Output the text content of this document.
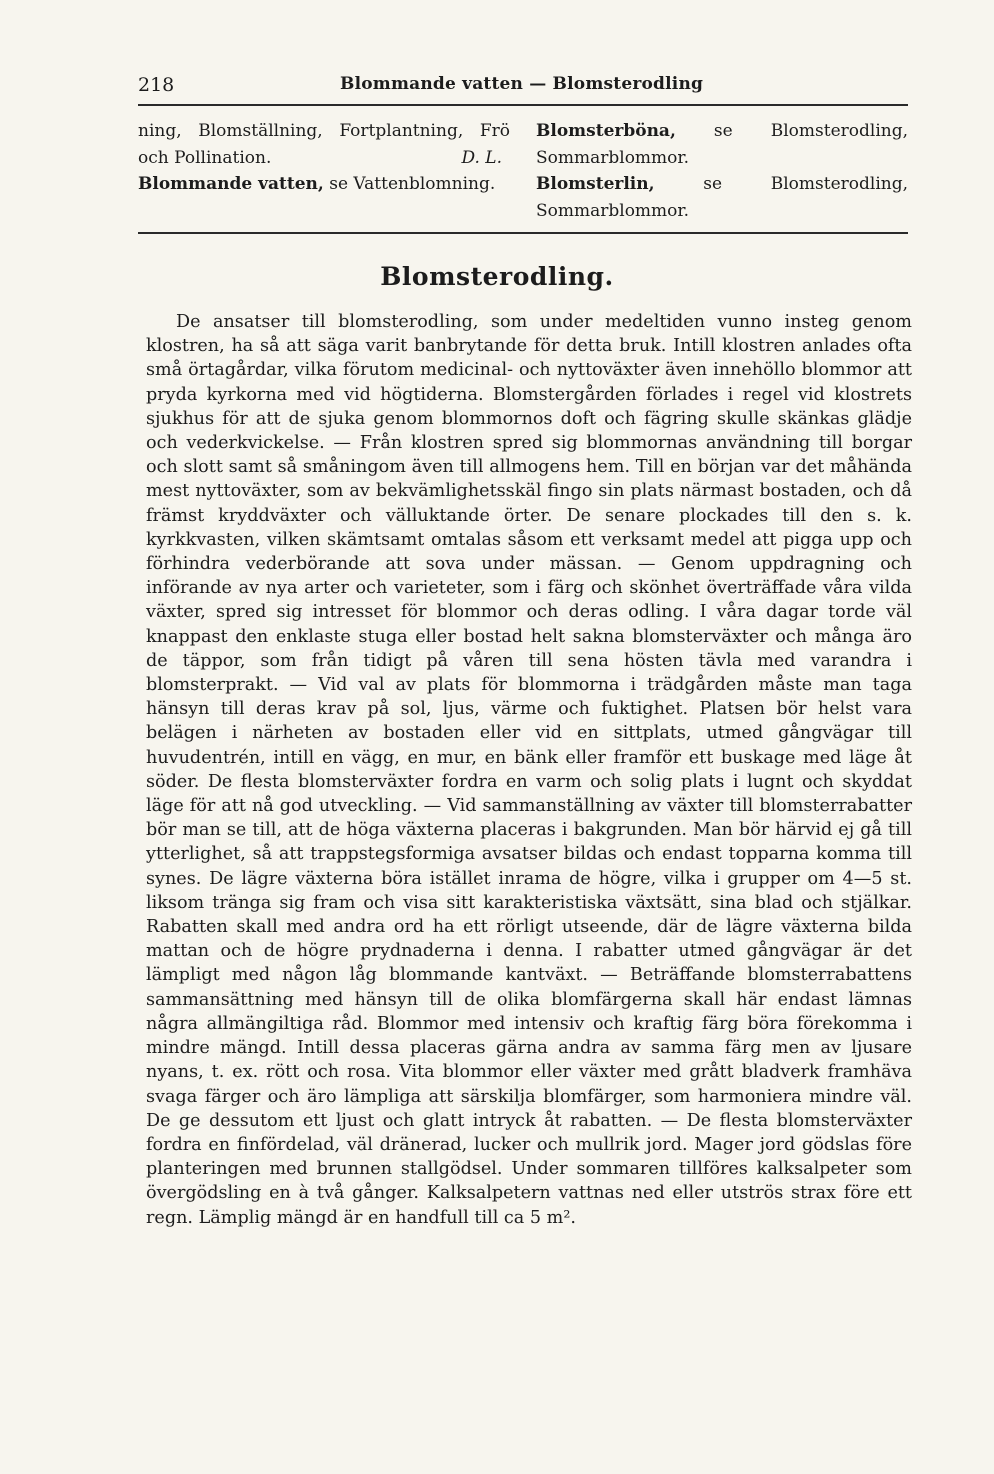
218	Blommande vatten — Blomsterodling
ning, Blomställning, Fortplantning, Frö och Pollination.	D. L.
Blommande vatten, se Vattenblomning.
Blomsterböna, se Blomsterodling, Sommarblommor.
Blomsterlin, se Blomsterodling, Sommarblommor.
Blomsterodling.

De ansatser till blomsterodling, som under medeltiden vunno insteg genom klostren, ha så att säga varit banbrytande för detta bruk. Intill klostren anlades ofta små örtagårdar, vilka förutom medicinal- och nyttoväxter även innehöllo blommor att pryda kyrkorna med vid högtiderna. Blomstergården förlades i regel vid klostrets sjukhus för att de sjuka genom blommornos doft och fägring skulle skänkas glädje och vederkvickelse. — Från klostren spred sig blommornas användning till borgar och slott samt så småningom även till allmogens hem. Till en början var det måhända mest nyttoväxter, som av bekvämlighetsskäl fingo sin plats närmast bostaden, och då främst kryddväxter och välluktande örter. De senare plockades till den s. k. kyrkkvasten, vilken skämtsamt omtalas såsom ett verksamt medel att pigga upp och förhindra vederbörande att sova under mässan. — Genom uppdragning och införande av nya arter och varieteter, som i färg och skönhet överträffade våra vilda växter, spred sig intresset för blommor och deras odling. I våra dagar torde väl knappast den enklaste stuga eller bostad helt sakna blomsterväxter och många äro de täppor, som från tidigt på våren till sena hösten tävla med varandra i blomsterprakt. — Vid val av plats för blommorna i trädgården måste man taga hänsyn till deras krav på sol, ljus, värme och fuktighet. Platsen bör helst vara belägen i närheten av bostaden eller vid en sittplats, utmed gångvägar till huvudentrén, intill en vägg, en mur, en bänk eller framför ett buskage med läge åt söder. De flesta blomsterväxter fordra en varm och solig plats i lugnt och skyddat läge för att nå god utveckling. — Vid sammanställning av växter till blomsterrabatter bör man se till, att de höga växterna placeras i bakgrunden. Man bör härvid ej gå till ytterlighet, så att trappstegsformiga avsatser bildas och endast topparna komma till synes. De lägre växterna böra istället inrama de högre, vilka i grupper om 4—5 st. liksom tränga sig fram och visa sitt karakteristiska växtsätt, sina blad och stjälkar. Rabatten skall med andra ord ha ett rörligt utseende, där de lägre växterna bilda mattan och de högre prydnaderna i denna. I rabatter utmed gångvägar är det lämpligt med någon låg blommande kantväxt. — Beträffande blomsterrabattens sammansättning med hänsyn till de olika blomfärgerna skall här endast lämnas några allmängiltiga råd. Blommor med intensiv och kraftig färg böra förekomma i mindre mängd. Intill dessa placeras gärna andra av samma färg men av ljusare nyans, t. ex. rött och rosa. Vita blommor eller växter med grått bladverk framhäva svaga färger och äro lämpliga att särskilja blomfärger, som harmoniera mindre väl. De ge dessutom ett ljust och glatt intryck åt rabatten. — De flesta blomsterväxter fordra en finfördelad, väl dränerad, lucker och mullrik jord. Mager jord gödslas före planteringen med brunnen stallgödsel. Under sommaren tillföres kalksalpeter som övergödsling en à två gånger. Kalksalpetern vattnas ned eller utströs strax före ett regn. Lämplig mängd är en handfull till ca 5 m².
